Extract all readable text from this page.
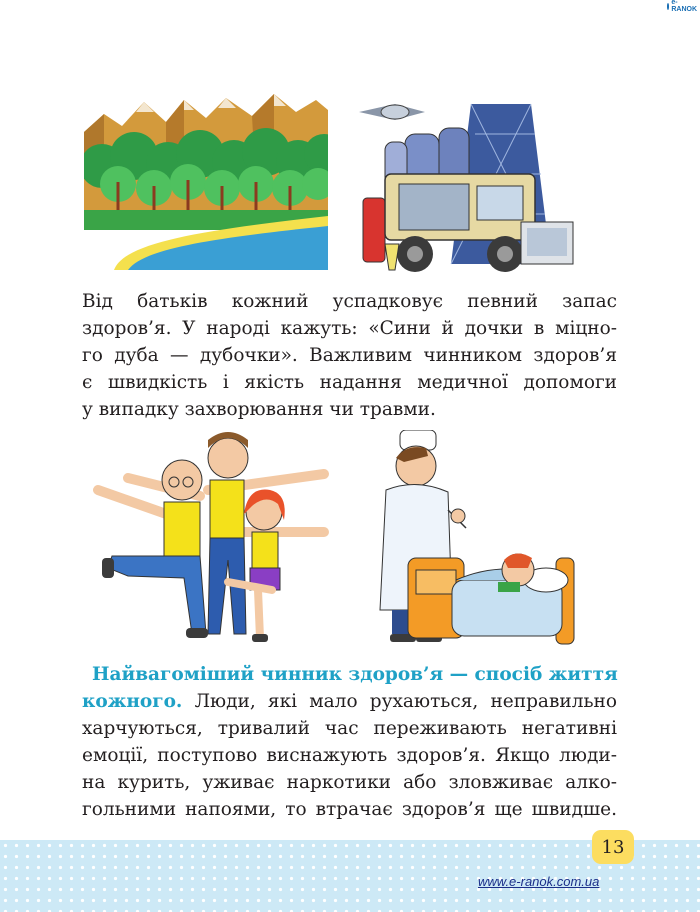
e-RANOK

Від батьків кожний успадковує певний запас
здоров’я. У народі кажуть: «Сини й дочки в міцно-
го дуба — дубочки». Важливим чинником здоров’я
є швидкість і якість надання медичної допомоги
у випадку захворювання чи травми.

Найвагоміший чинник здоров’я — спосіб життя
кожного. Люди, які мало рухаються, неправильно
харчуються, тривалий час переживають негативні
емоції, поступово виснажують здоров’я. Якщо люди-
на курить, уживає наркотики або зловживає алко-
гольними напоями, то втрачає здоров’я ще швидше.

13
www.e-ranok.com.ua
